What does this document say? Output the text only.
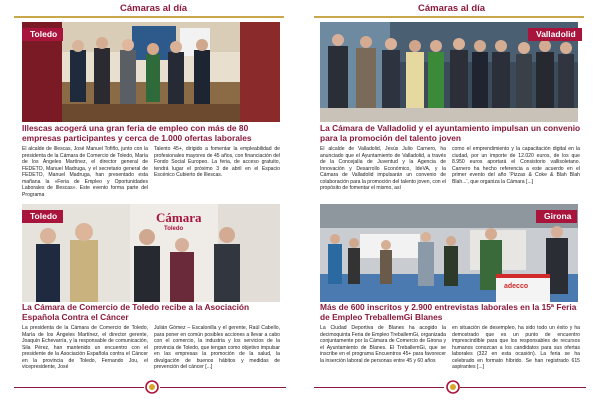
Cámaras al día
Toledo
Illescas acogerá una gran feria de empleo con más de 80 empresas participantes y cerca de 1.000 ofertas laborales
El alcalde de Illescas, José Manuel Tofiño, junto con la presidenta de la Cámara de Comercio de Toledo, María de los Ángeles Martínez, el director general de FEDETO, Manuel Madruga, y el secretario general de FEDETO, Manuel Madruga, han presentado esta mañana la «Feria de Empleo y Oportunidades Laborales de Illescas». Este evento forma parte del Programa
Talento 45+, dirigido a fomentar la empleabilidad de profesionales mayores de 45 años, con financiación del Fondo Social Europeo. La feria, de acceso gratuito, tendrá lugar el próximo 3 de abril en el Espacio Escénico Cubierto de Illescas.
Toledo	Cámara
Toledo
La Cámara de Comercio de Toledo recibe a la Asociación Española Contra el Cáncer
La presidenta de la Cámara de Comercio de Toledo, María de los Ángeles Martínez, el director gerente, Joaquín Echevarría, y la responsable de comunicación, Sila Pérez, han mantenido un encuentro con el presidente de la Asociación Española contra el Cáncer en la provincia de Toledo, Fernando Jou, el vicepresidente, José
Julián Gómez – Escalonilla y el gerente, Raúl Cabello, para poner en común posibles acciones a llevar a cabo con el comercio, la industria y los servicios de la provincia de Toledo, que tengan como objetivo impulsar en las empresas la promoción de la salud, la divulgación de buenos hábitos y medidas de prevención del cáncer [...]
Cámaras al día
Valladolid
La Cámara de Valladolid y el ayuntamiento impulsan un convenio para la promoción del talento joven
El alcalde de Valladolid, Jesús Julio Carnero, ha anunciado que el Ayuntamiento de Valladolid, a través de la Concejalía de Juventud y la Agencia de Innovación y Desarrollo Económico, IdeVA, y la Cámara de Valladolid impulsarán un convenio de colaboración para la promoción del talento joven, con el propósito de fomentar el mismo, así
como el emprendimiento y la capacitación digital en la ciudad, por un importe de 12.020 euros, de los que 8.950 euros aportará el Consistorio vallisoletano. Carnero ha hecho referencia a este acuerdo en el primer evento del año 'Pizzas & Coke & Blah Blah Blah...', que organiza la Cámara [...]
Girona
adecco
Más de 600 inscritos y 2.900 entrevistas laborales en la 15ª Feria de Empleo TreballemGi Blanes
La Ciudad Deportiva de Blanes ha acogido la decimoquinta Feria de Empleo TreballemGi, organizada conjuntamente por la Cámara de Comercio de Girona y el Ayuntamiento de Blanes. El TreballemGi, que se inscribe en el programa Encuentros 45+ para favorecer la inserción laboral de personas entre 45 y 60 años
en situación de desempleo, ha sido todo un éxito y ha demostrado que es un punto de encuentro imprescindible para que los responsables de recursos humanos conozcan a los candidatos para sus ofertas laborales (322 en esta ocasión). La feria se ha celebrado en formato híbrido. Se han registrado 615 aspirantes [...]
